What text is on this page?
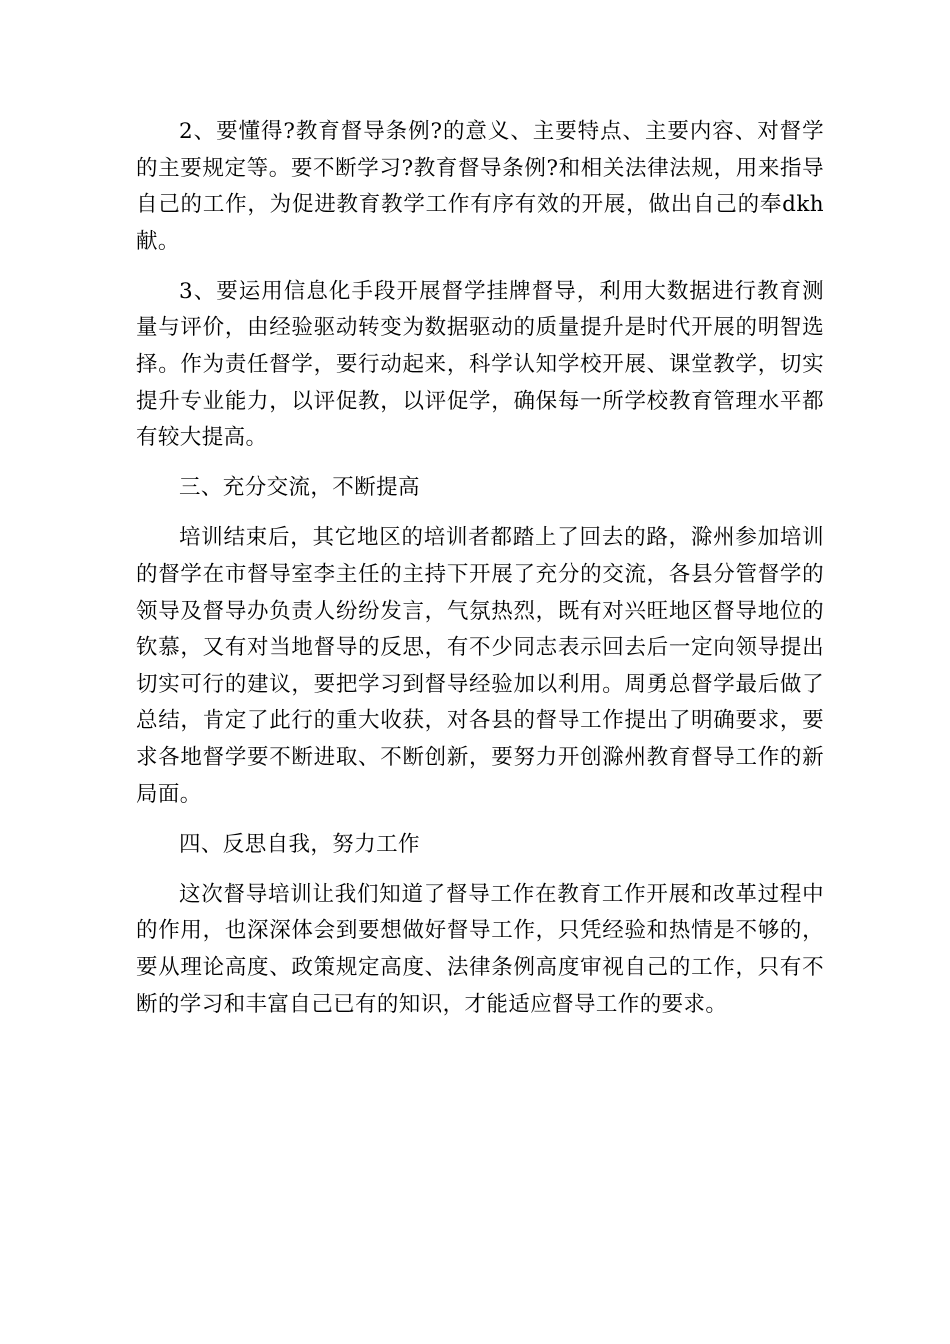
2、要懂得?教育督导条例?的意义、主要特点、主要内容、对督学的主要规定等。要不断学习?教育督导条例?和相关法律法规，用来指导自己的工作，为促进教育教学工作有序有效的开展，做出自己的奉dkh献。

3、要运用信息化手段开展督学挂牌督导，利用大数据进行教育测量与评价，由经验驱动转变为数据驱动的质量提升是时代开展的明智选择。作为责任督学，要行动起来，科学认知学校开展、课堂教学，切实提升专业能力，以评促教，以评促学，确保每一所学校教育管理水平都有较大提高。

三、充分交流，不断提高

培训结束后，其它地区的培训者都踏上了回去的路，滁州参加培训的督学在市督导室李主任的主持下开展了充分的交流，各县分管督学的领导及督导办负责人纷纷发言，气氛热烈，既有对兴旺地区督导地位的钦慕，又有对当地督导的反思，有不少同志表示回去后一定向领导提出切实可行的建议，要把学习到督导经验加以利用。周勇总督学最后做了总结，肯定了此行的重大收获，对各县的督导工作提出了明确要求，要求各地督学要不断进取、不断创新，要努力开创滁州教育督导工作的新局面。

四、反思自我，努力工作

这次督导培训让我们知道了督导工作在教育工作开展和改革过程中的作用，也深深体会到要想做好督导工作，只凭经验和热情是不够的，要从理论高度、政策规定高度、法律条例高度审视自己的工作，只有不断的学习和丰富自己已有的知识，才能适应督导工作的要求。
